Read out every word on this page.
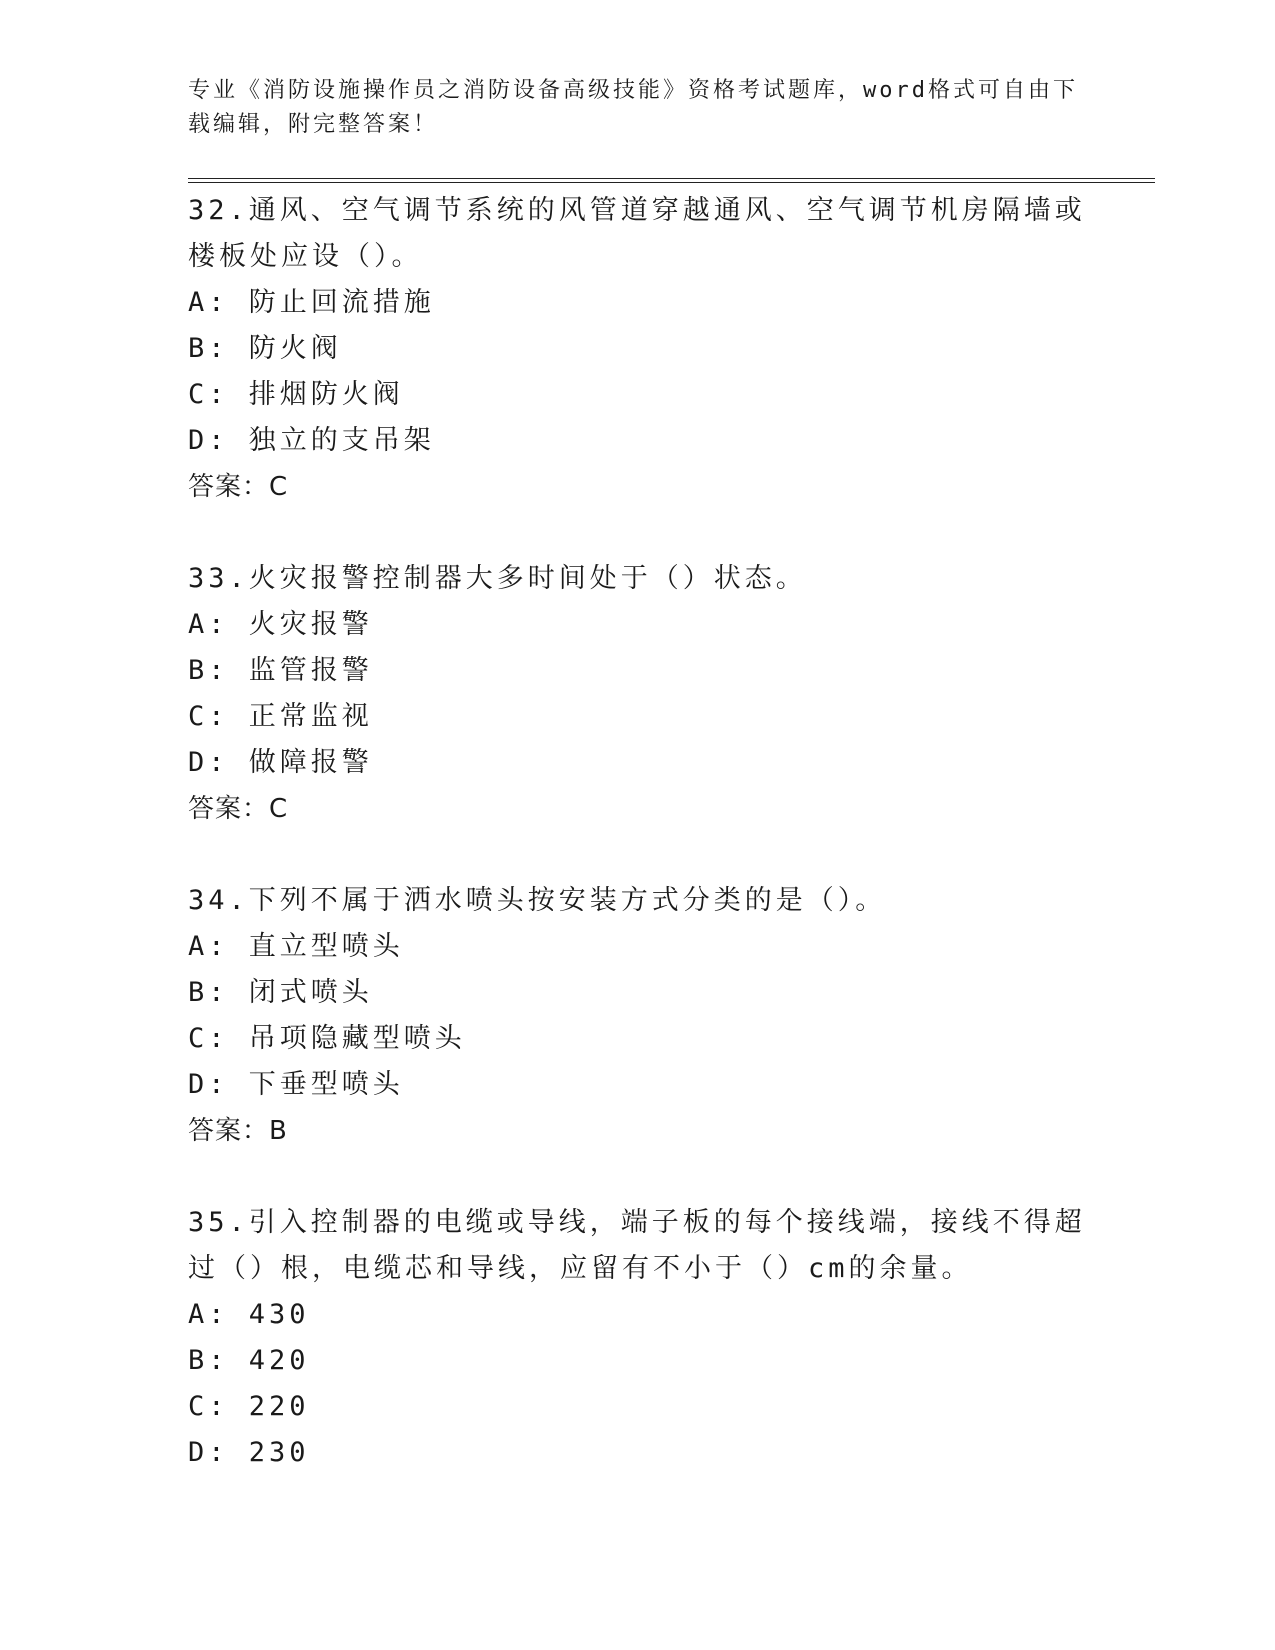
专业《消防设施操作员之消防设备高级技能》资格考试题库，word格式可自由下载编辑，附完整答案！

32.通风、空气调节系统的风管道穿越通风、空气调节机房隔墙或楼板处应设（）。

A: 防止回流措施

B: 防火阀

C: 排烟防火阀

D: 独立的支吊架

答案：C

33.火灾报警控制器大多时间处于（）状态。

A: 火灾报警

B: 监管报警

C: 正常监视

D: 做障报警

答案：C

34.下列不属于洒水喷头按安装方式分类的是（）。

A: 直立型喷头

B: 闭式喷头

C: 吊项隐藏型喷头

D: 下垂型喷头

答案：B

35.引入控制器的电缆或导线，端子板的每个接线端，接线不得超过（）根，电缆芯和导线，应留有不小于（）cm的余量。

A: 430

B: 420

C: 220

D: 230
